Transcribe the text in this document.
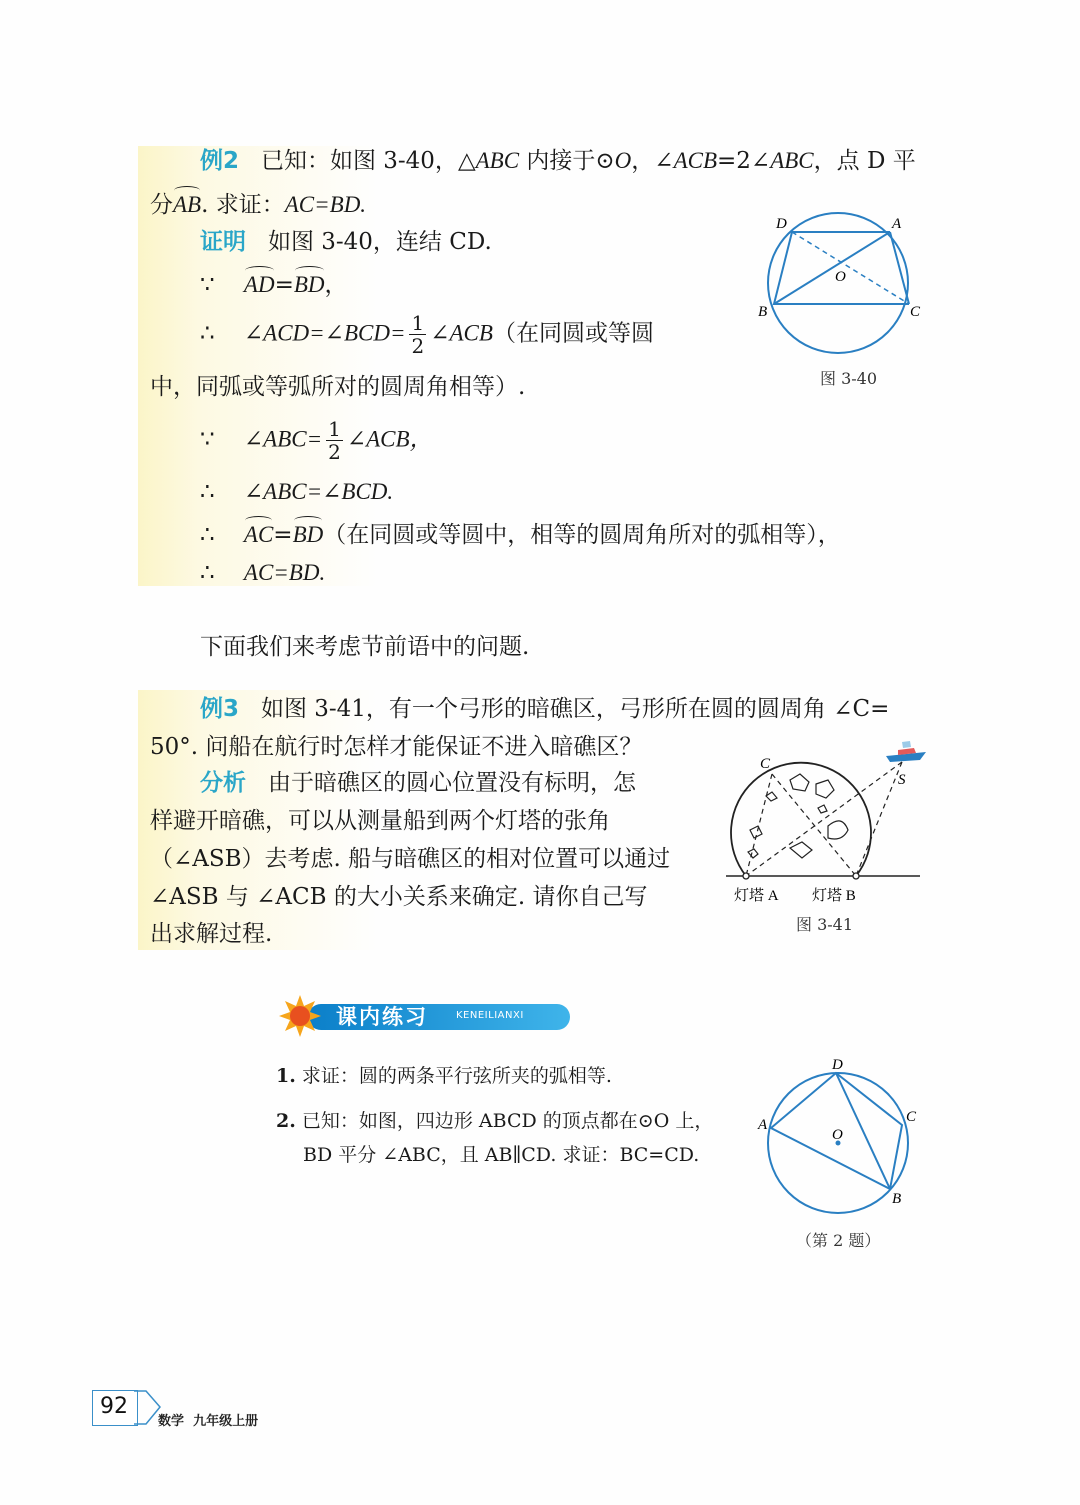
例2 已知：如图 3-40，△ABC 内接于⊙O，∠ACB=2∠ABC，点 D 平
分AB. 求证：AC=BD.
证明 如图 3-40，连结 CD.
∵ AD=BD，
∴ ∠ACD=∠BCD= $\frac{1}{2}$ ∠ACB（在同圆或等圆
中，同弧或等弧所对的圆周角相等）.
∵ ∠ABC= $\frac{1}{2}$ ∠ACB，
∴ ∠ABC=∠BCD.
∴ AC=BD（在同圆或等圆中，相等的圆周角所对的弧相等），
∴ AC=BD.
D	A
O
B	C
图 3-40
下面我们来考虑节前语中的问题.
例3 如图 3-41，有一个弓形的暗礁区，弓形所在圆的圆周角 ∠C=
50°. 问船在航行时怎样才能保证不进入暗礁区？
分析 由于暗礁区的圆心位置没有标明，怎
样避开暗礁，可以从测量船到两个灯塔的张角
（∠ASB）去考虑. 船与暗礁区的相对位置可以通过
∠ASB 与 ∠ACB 的大小关系来确定. 请你自己写
出求解过程.
C
S
灯塔 A 灯塔 B
图 3-41
课内练习	KENEILIANXI
1. 求证：圆的两条平行弦所夹的弧相等.
2. 已知：如图，四边形 ABCD 的顶点都在⊙O 上，
BD 平分 ∠ABC，且 AB∥CD. 求证：BC=CD.
D
C
A
O
B
（第 2 题）
92
数学 九年级上册
